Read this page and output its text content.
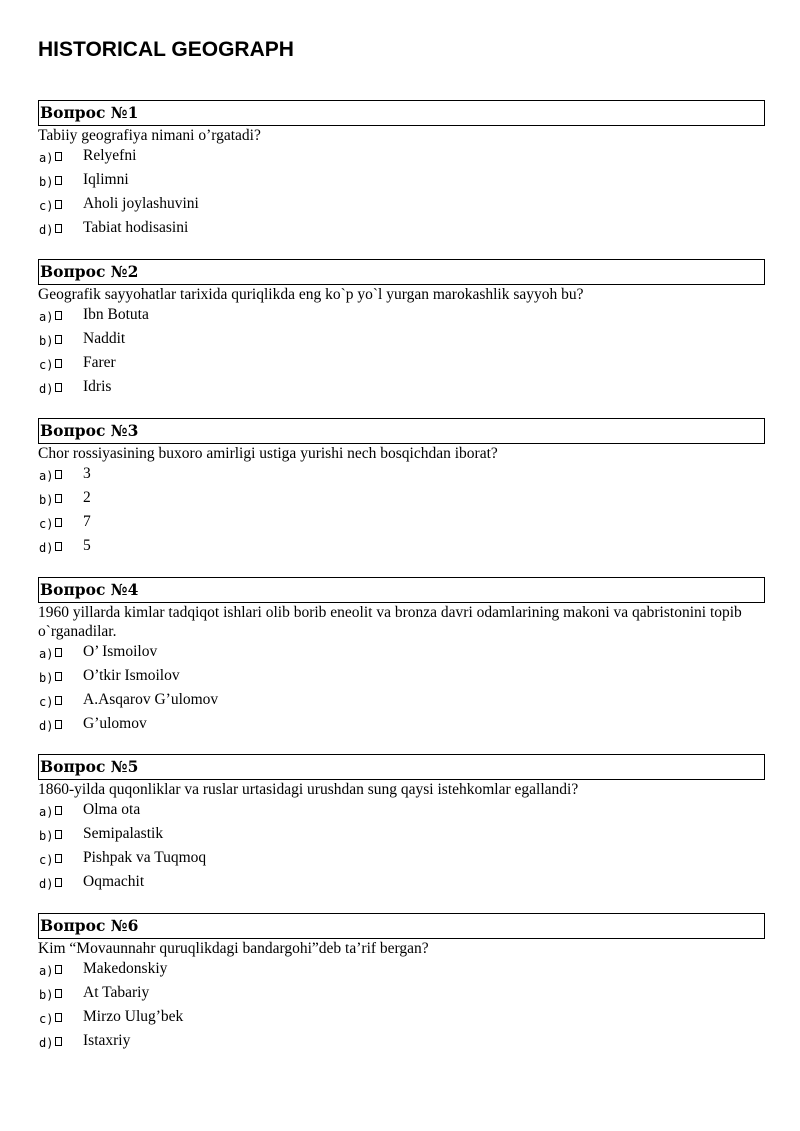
HISTORICAL GEOGRAPH
Вопрос №1
Tabiiy geografiya nimani o’rgatadi?
a) Relyefni
b) Iqlimni
c) Aholi joylashuvini
d) Tabiat hodisasini
Вопрос №2
Geografik sayyohatlar tarixida quriqlikda eng ko`p yo`l yurgan marokashlik sayyoh bu?
a) Ibn Botuta
b) Naddit
c) Farer
d) Idris
Вопрос №3
Chor rossiyasining buxoro amirligi ustiga yurishi nech bosqichdan iborat?
a) 3
b) 2
c) 7
d) 5
Вопрос №4
1960 yillarda kimlar tadqiqot ishlari olib borib eneolit va bronza davri odamlarining makoni va qabristonini topib o`rganadilar.
a) O’ Ismoilov
b) O’tkir Ismoilov
c) A.Asqarov G’ulomov
d) G’ulomov
Вопрос №5
1860-yilda quqonliklar va ruslar urtasidagi urushdan sung qaysi istehkomlar egallandi?
a) Olma ota
b) Semipalastik
c) Pishpak va Tuqmoq
d) Oqmachit
Вопрос №6
Kim “Movaunnahr quruqlikdagi bandargohi”deb ta’rif bergan?
a) Makedonskiy
b) At Tabariy
c) Mirzo Ulug’bek
d) Istaxriy
